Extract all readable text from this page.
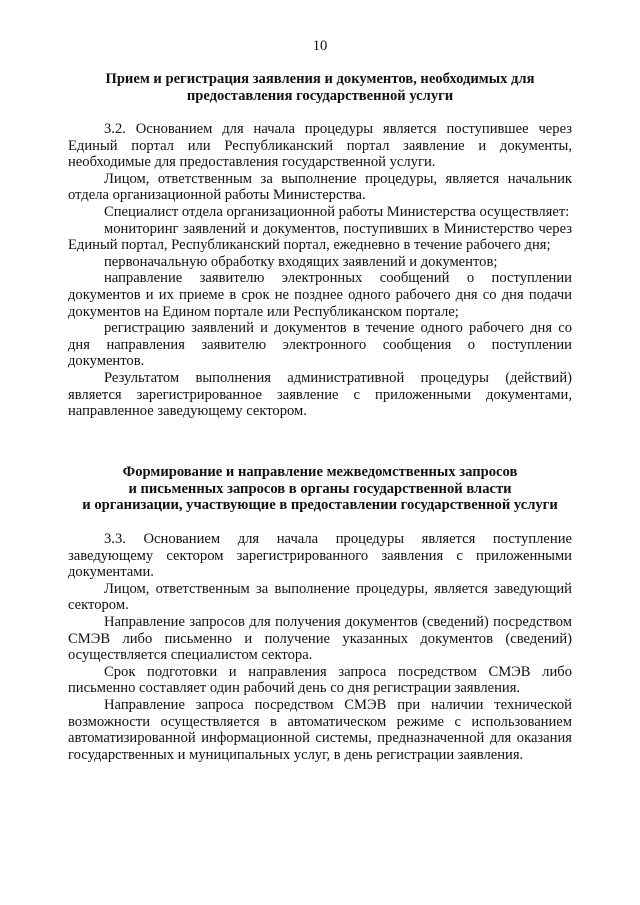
10
Прием и регистрация заявления и документов, необходимых для
предоставления государственной услуги

3.2. Основанием для начала процедуры является поступившее через Единый портал или Республиканский портал заявление и документы, необходимые для предоставления государственной услуги.

Лицом, ответственным за выполнение процедуры, является начальник отдела организационной работы Министерства.

Специалист отдела организационной работы Министерства осуществляет:

мониторинг заявлений и документов, поступивших в Министерство через Единый портал, Республиканский портал, ежедневно в течение рабочего дня;

первоначальную обработку входящих заявлений и документов;

направление заявителю электронных сообщений о поступлении документов и их приеме в срок не позднее одного рабочего дня со дня подачи документов на Едином портале или Республиканском портале;

регистрацию заявлений и документов в течение одного рабочего дня со дня направления заявителю электронного сообщения о поступлении документов.

Результатом выполнения административной процедуры (действий) является зарегистрированное заявление с приложенными документами, направленное заведующему сектором.

Формирование и направление межведомственных запросов
и письменных запросов в органы государственной власти
и организации, участвующие в предоставлении государственной услуги

3.3. Основанием для начала процедуры является поступление заведующему сектором зарегистрированного заявления с приложенными документами.

Лицом, ответственным за выполнение процедуры, является заведующий сектором.

Направление запросов для получения документов (сведений) посредством СМЭВ либо письменно и получение указанных документов (сведений) осуществляется специалистом сектора.

Срок подготовки и направления запроса посредством СМЭВ либо письменно составляет один рабочий день со дня регистрации заявления.

Направление запроса посредством СМЭВ при наличии технической возможности осуществляется в автоматическом режиме с использованием автоматизированной информационной системы, предназначенной для оказания государственных и муниципальных услуг, в день регистрации заявления.
